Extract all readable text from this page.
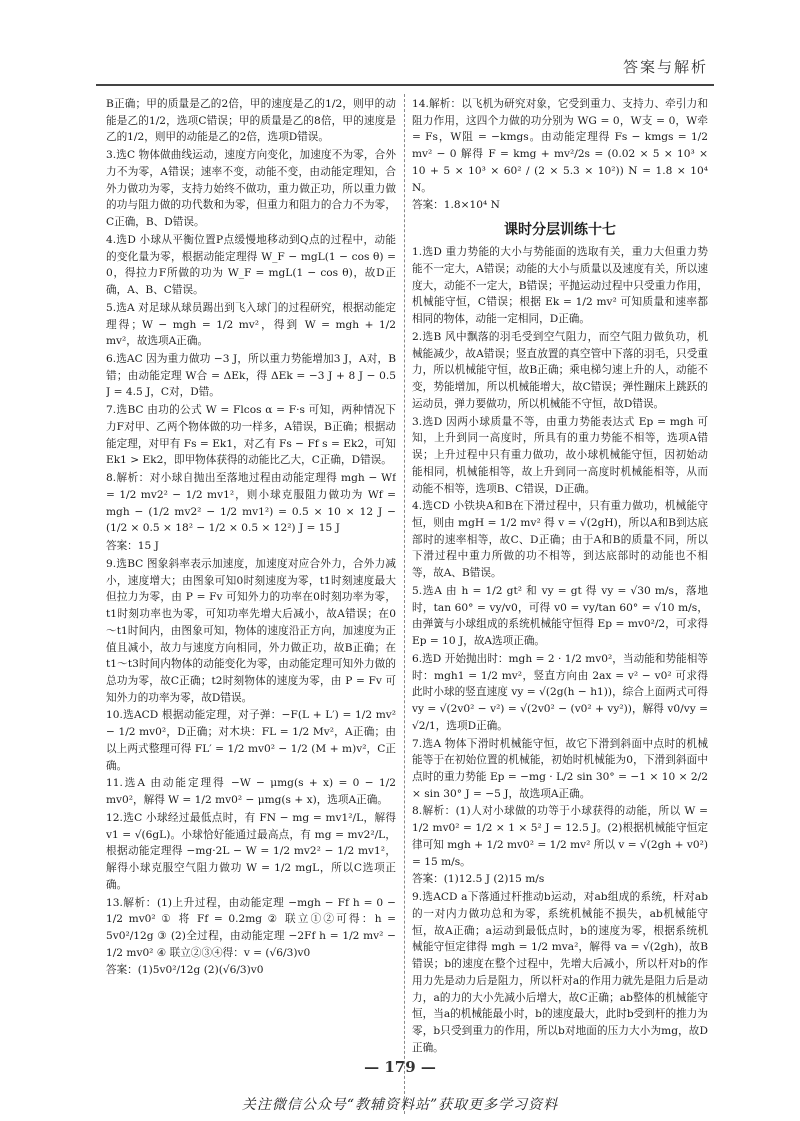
答案与解析

B正确；甲的质量是乙的2倍，甲的速度是乙的1/2，则甲的动能是乙的1/2，选项C错误；甲的质量是乙的8倍，甲的速度是乙的1/2，则甲的动能是乙的2倍，选项D错误。

3.选C 物体做曲线运动，速度方向变化，加速度不为零，合外力不为零，A错误；速率不变，动能不变，由动能定理知，合外力做功为零，支持力始终不做功，重力做正功，所以重力做的功与阻力做的功代数和为零，但重力和阻力的合力不为零，C正确，B、D错误。

4.选D 小球从平衡位置P点缓慢地移动到Q点的过程中，动能的变化量为零，根据动能定理得 W_F − mgL(1 − cos θ) = 0，得拉力F所做的功为 W_F = mgL(1 − cos θ)，故D正确，A、B、C错误。

5.选A 对足球从球员踢出到飞入球门的过程研究，根据动能定理得；W − mgh = 1/2 mv²，得到 W = mgh + 1/2 mv²，故选项A正确。

6.选AC 因为重力做功 −3 J，所以重力势能增加3 J，A对，B错；由动能定理 W合 = ΔEk，得 ΔEk = −3 J + 8 J − 0.5 J = 4.5 J，C对，D错。

7.选BC 由功的公式 W = Flcos α = F·s 可知，两种情况下力F对甲、乙两个物体做的功一样多，A错误，B正确；根据动能定理，对甲有 Fs = Ek1，对乙有 Fs − Ff s = Ek2，可知 Ek1 > Ek2，即甲物体获得的动能比乙大，C正确，D错误。

8.解析：对小球自抛出至落地过程由动能定理得 mgh − Wf = 1/2 mv2² − 1/2 mv1²，则小球克服阻力做功为 Wf = mgh − (1/2 mv2² − 1/2 mv1²) = 0.5 × 10 × 12 J − (1/2 × 0.5 × 18² − 1/2 × 0.5 × 12²) J = 15 J

答案：15 J

9.选BC 图象斜率表示加速度，加速度对应合外力，合外力减小，速度增大；由图象可知0时刻速度为零，t1时刻速度最大但拉力为零，由 P = Fv 可知外力的功率在0时刻功率为零，t1时刻功率也为零，可知功率先增大后减小，故A错误；在0～t1时间内，由图象可知，物体的速度沿正方向，加速度为正值且减小，故力与速度方向相同，外力做正功，故B正确；在t1～t3时间内物体的动能变化为零，由动能定理可知外力做的总功为零，故C正确；t2时刻物体的速度为零，由 P = Fv 可知外力的功率为零，故D错误。

10.选ACD 根据动能定理，对子弹：−F(L + L′) = 1/2 mv² − 1/2 mv0²，D正确；对木块：FL = 1/2 Mv²，A正确；由以上两式整理可得 FL′ = 1/2 mv0² − 1/2 (M + m)v²，C正确。

11.选A 由动能定理得 −W − μmg(s + x) = 0 − 1/2 mv0²，解得 W = 1/2 mv0² − μmg(s + x)，选项A正确。

12.选C 小球经过最低点时，有 FN − mg = mv1²/L，解得 v1 = √(6gL)。小球恰好能通过最高点，有 mg = mv2²/L，根据动能定理得 −mg·2L − W = 1/2 mv2² − 1/2 mv1²，解得小球克服空气阻力做功 W = 1/2 mgL，所以C选项正确。

13.解析：(1)上升过程，由动能定理 −mgh − Ff h = 0 − 1/2 mv0² ① 将 Ff = 0.2mg ② 联立①②可得：h = 5v0²/12g ③ (2)全过程，由动能定理 −2Ff h = 1/2 mv² − 1/2 mv0² ④ 联立②③④得：v = (√6/3)v0

答案：(1)5v0²/12g (2)(√6/3)v0

14.解析：以飞机为研究对象，它受到重力、支持力、牵引力和阻力作用，这四个力做的功分别为 WG = 0，W支 = 0，W牵 = Fs，W阻 = −kmgs。由动能定理得 Fs − kmgs = 1/2 mv² − 0 解得 F = kmg + mv²/2s = (0.02 × 5 × 10³ × 10 + 5 × 10³ × 60² / (2 × 5.3 × 10²)) N = 1.8 × 10⁴ N。

答案：1.8×10⁴ N

课时分层训练十七

1.选D 重力势能的大小与势能面的选取有关，重力大但重力势能不一定大，A错误；动能的大小与质量以及速度有关，所以速度大，动能不一定大，B错误；平抛运动过程中只受重力作用，机械能守恒，C错误；根据 Ek = 1/2 mv² 可知质量和速率都相同的物体，动能一定相同，D正确。

2.选B 风中飘落的羽毛受到空气阻力，而空气阻力做负功，机械能减少，故A错误；竖直放置的真空管中下落的羽毛，只受重力，所以机械能守恒，故B正确；乘电梯匀速上升的人，动能不变，势能增加，所以机械能增大，故C错误；弹性蹦床上跳跃的运动员，弹力要做功，所以机械能不守恒，故D错误。

3.选D 因两小球质量不等，由重力势能表达式 Ep = mgh 可知，上升到同一高度时，所具有的重力势能不相等，选项A错误；上升过程中只有重力做功，故小球机械能守恒，因初始动能相同，机械能相等，故上升到同一高度时机械能相等，从而动能不相等，选项B、C错误，D正确。

4.选CD 小铁块A和B在下滑过程中，只有重力做功，机械能守恒，则由 mgH = 1/2 mv² 得 v = √(2gH)，所以A和B到达底部时的速率相等，故C、D正确；由于A和B的质量不同，所以下滑过程中重力所做的功不相等，到达底部时的动能也不相等，故A、B错误。

5.选A 由 h = 1/2 gt² 和 vy = gt 得 vy = √30 m/s，落地时，tan 60° = vy/v0，可得 v0 = vy/tan 60° = √10 m/s，由弹簧与小球组成的系统机械能守恒得 Ep = mv0²/2，可求得 Ep = 10 J，故A选项正确。

6.选D 开始抛出时：mgh = 2 · 1/2 mv0²，当动能和势能相等时：mgh1 = 1/2 mv²，竖直方向由 2ax = v² − v0² 可求得此时小球的竖直速度 vy = √(2g(h − h1))，综合上面两式可得 vy = √(2v0² − v²) = √(2v0² − (v0² + vy²))，解得 v0/vy = √2/1，选项D正确。

7.选A 物体下滑时机械能守恒，故它下滑到斜面中点时的机械能等于在初始位置的机械能，初始时机械能为0，下滑到斜面中点时的重力势能 Ep = −mg · L/2 sin 30° = −1 × 10 × 2/2 × sin 30° J = −5 J，故选项A正确。

8.解析：(1)人对小球做的功等于小球获得的动能，所以 W = 1/2 mv0² = 1/2 × 1 × 5² J = 12.5 J。(2)根据机械能守恒定律可知 mgh + 1/2 mv0² = 1/2 mv² 所以 v = √(2gh + v0²) = 15 m/s。

答案：(1)12.5 J (2)15 m/s

9.选ACD a下落通过杆推动b运动，对ab组成的系统，杆对ab的一对内力做功总和为零，系统机械能不损失，ab机械能守恒，故A正确；a运动到最低点时，b的速度为零，根据系统机械能守恒定律得 mgh = 1/2 mva²，解得 va = √(2gh)，故B错误；b的速度在整个过程中，先增大后减小，所以杆对b的作用力先是动力后是阻力，所以杆对a的作用力就先是阻力后是动力，a的力的大小先减小后增大，故C正确；ab整体的机械能守恒，当a的机械能最小时，b的速度最大，此时b受到杆的推力为零，b只受到重力的作用，所以b对地面的压力大小为mg，故D正确。

— 179 —
关注微信公众号“教辅资料站”获取更多学习资料
